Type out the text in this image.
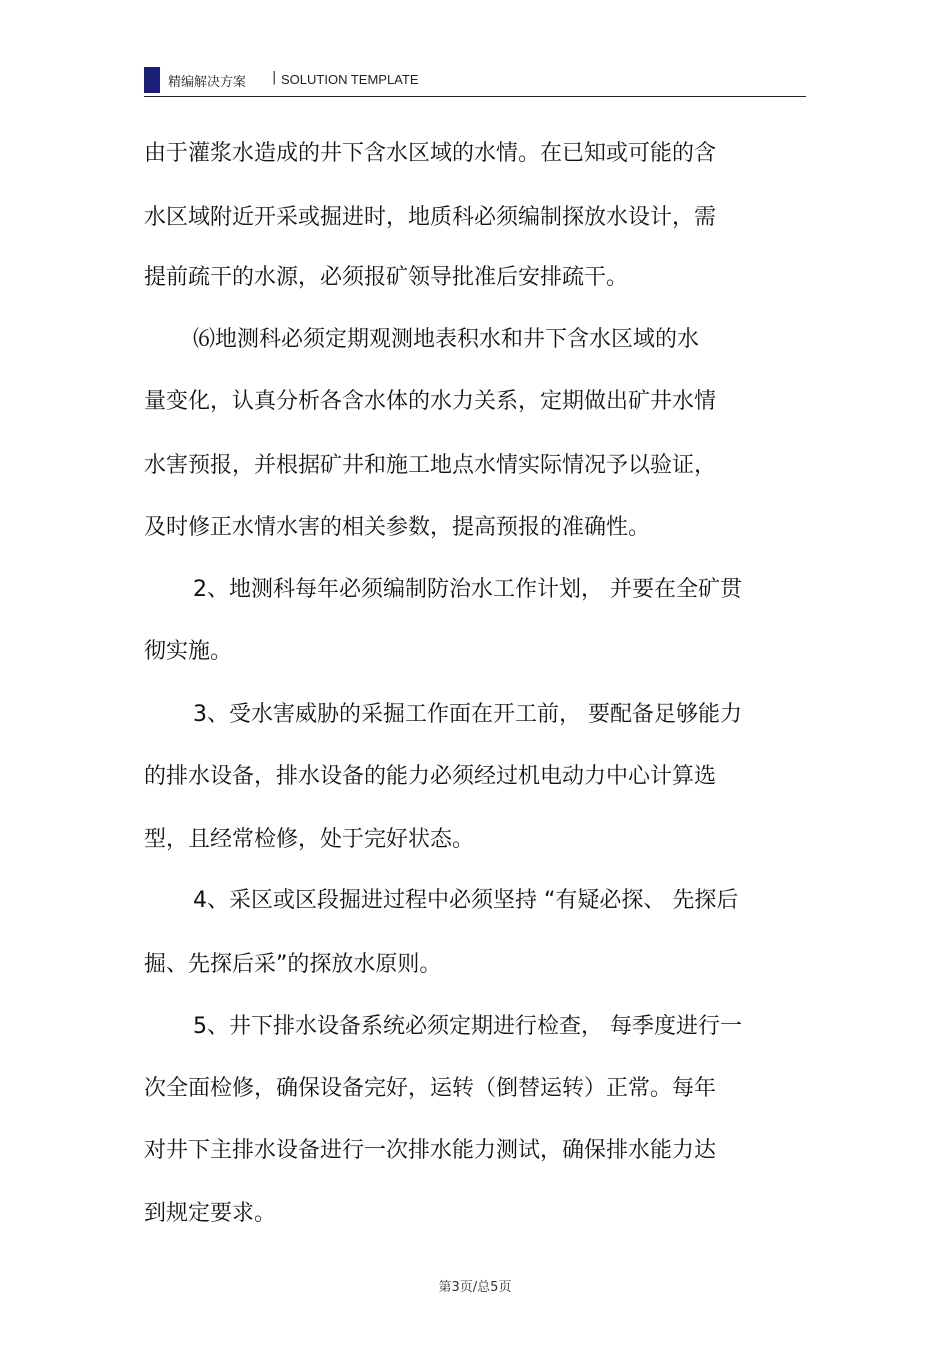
精编解决方案 | SOLUTION TEMPLATE
由于灌浆水造成的井下含水区域的水情。在已知或可能的含
水区域附近开采或掘进时，地质科必须编制探放水设计，需
提前疏干的水源，必须报矿领导批准后安排疏干。
⑹地测科必须定期观测地表积水和井下含水区域的水
量变化，认真分析各含水体的水力关系，定期做出矿井水情
水害预报，并根据矿井和施工地点水情实际情况予以验证，
及时修正水情水害的相关参数，提高预报的准确性。
2、地测科每年必须编制防治水工作计划， 并要在全矿贯
彻实施。
3、受水害威胁的采掘工作面在开工前， 要配备足够能力
的排水设备，排水设备的能力必须经过机电动力中心计算选
型，且经常检修，处于完好状态。
4、采区或区段掘进过程中必须坚持 “有疑必探、 先探后
掘、先探后采”的探放水原则。
5、井下排水设备系统必须定期进行检查， 每季度进行一
次全面检修，确保设备完好，运转（倒替运转）正常。每年
对井下主排水设备进行一次排水能力测试，确保排水能力达
到规定要求。
第3页/总5页
